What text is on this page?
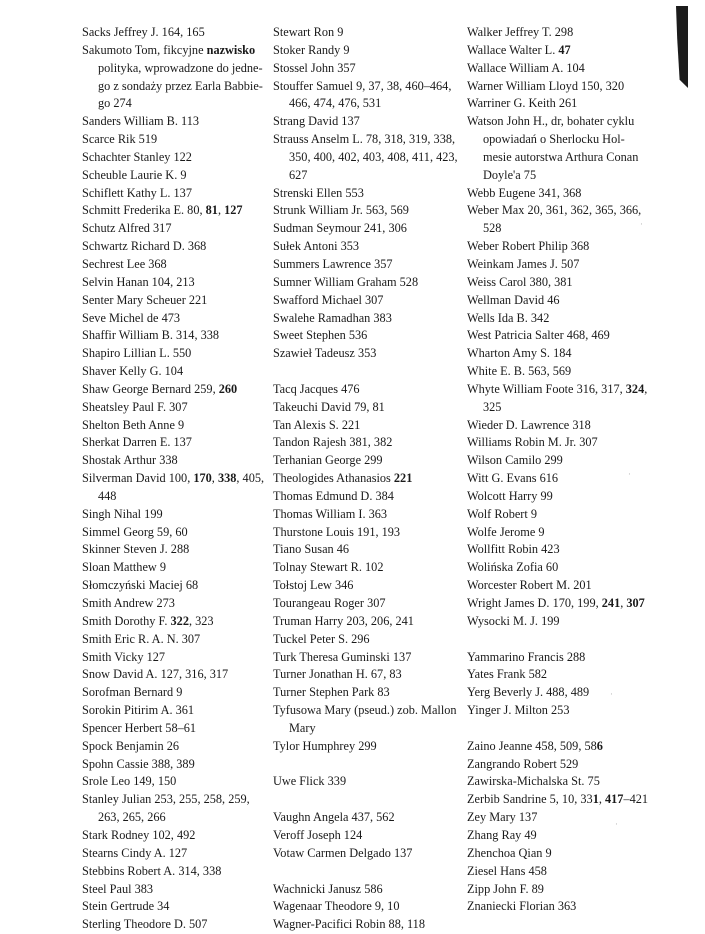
Sacks Jeffrey J. 164, 165
Sakumoto Tom, fikcyjne nazwisko polityka, wprowadzone do jedne-go z sondaży przez Earla Babbie-go 274
Sanders William B. 113
Scarce Rik 519
Schachter Stanley 122
Scheuble Laurie K. 9
Schiflett Kathy L. 137
Schmitt Frederika E. 80, 81, 127
Schutz Alfred 317
Schwartz Richard D. 368
Sechrest Lee 368
Selvin Hanan 104, 213
Senter Mary Scheuer 221
Seve Michel de 473
Shaffir William B. 314, 338
Shapiro Lillian L. 550
Shaver Kelly G. 104
Shaw George Bernard 259, 260
Sheatsley Paul F. 307
Shelton Beth Anne 9
Sherkat Darren E. 137
Shostak Arthur 338
Silverman David 100, 170, 338, 405, 448
Singh Nihal 199
Simmel Georg 59, 60
Skinner Steven J. 288
Sloan Matthew 9
Słomczyński Maciej 68
Smith Andrew 273
Smith Dorothy F. 322, 323
Smith Eric R. A. N. 307
Smith Vicky 127
Snow David A. 127, 316, 317
Sorofman Bernard 9
Sorokin Pitirim A. 361
Spencer Herbert 58–61
Spock Benjamin 26
Spohn Cassie 388, 389
Srole Leo 149, 150
Stanley Julian 253, 255, 258, 259, 263, 265, 266
Stark Rodney 102, 492
Stearns Cindy A. 127
Stebbins Robert A. 314, 338
Steel Paul 383
Stein Gertrude 34
Sterling Theodore D. 507
Stewart Ron 9
Stoker Randy 9
Stossel John 357
Stouffer Samuel 9, 37, 38, 460–464, 466, 474, 476, 531
Strang David 137
Strauss Anselm L. 78, 318, 319, 338, 350, 400, 402, 403, 408, 411, 423, 627
Strenski Ellen 553
Strunk William Jr. 563, 569
Sudman Seymour 241, 306
Sułek Antoni 353
Summers Lawrence 357
Sumner William Graham 528
Swafford Michael 307
Swalehe Ramadhan 383
Sweet Stephen 536
Szawieł Tadeusz 353
Tacq Jacques 476
Takeuchi David 79, 81
Tan Alexis S. 221
Tandon Rajesh 381, 382
Terhanian George 299
Theologides Athanasios 221
Thomas Edmund D. 384
Thomas William I. 363
Thurstone Louis 191, 193
Tiano Susan 46
Tolnay Stewart R. 102
Tołstoj Lew 346
Tourangeau Roger 307
Truman Harry 203, 206, 241
Tuckel Peter S. 296
Turk Theresa Guminski 137
Turner Jonathan H. 67, 83
Turner Stephen Park 83
Tyfusowa Mary (pseud.) zob. Mallon Mary
Tylor Humphrey 299
Uwe Flick 339
Vaughn Angela 437, 562
Veroff Joseph 124
Votaw Carmen Delgado 137
Wachnicki Janusz 586
Wagenaar Theodore 9, 10
Wagner-Pacifici Robin 88, 118
Walker Jeffrey T. 298
Wallace Walter L. 47
Wallace William A. 104
Warner William Lloyd 150, 320
Warriner G. Keith 261
Watson John H., dr, bohater cyklu opowiadań o Sherlocku Hol-mesie autorstwa Arthura Conan Doyle'a 75
Webb Eugene 341, 368
Weber Max 20, 361, 362, 365, 366, 528
Weber Robert Philip 368
Weinkam James J. 507
Weiss Carol 380, 381
Wellman David 46
Wells Ida B. 342
West Patricia Salter 468, 469
Wharton Amy S. 184
White E. B. 563, 569
Whyte William Foote 316, 317, 324, 325
Wieder D. Lawrence 318
Williams Robin M. Jr. 307
Wilson Camilo 299
Witt G. Evans 616
Wolcott Harry 99
Wolf Robert 9
Wolfe Jerome 9
Wollfitt Robin 423
Wolińska Zofia 60
Worcester Robert M. 201
Wright James D. 170, 199, 241, 307
Wysocki M. J. 199
Yammarino Francis 288
Yates Frank 582
Yerg Beverly J. 488, 489
Yinger J. Milton 253
Zaino Jeanne 458, 509, 586
Zangrando Robert 529
Zawirska-Michalska St. 75
Zerbib Sandrine 5, 10, 331, 417–421
Zey Mary 137
Zhang Ray 49
Zhenchoa Qian 9
Ziesel Hans 458
Zipp John F. 89
Znaniecki Florian 363
·
·
·
·
